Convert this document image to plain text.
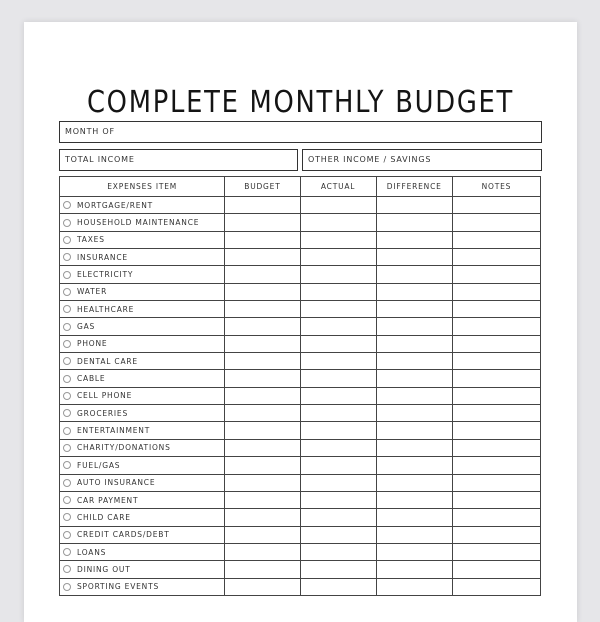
COMPLETE MONTHLY BUDGET
MONTH OF
TOTAL INCOME	OTHER INCOME / SAVINGS
EXPENSES ITEM	BUDGET	ACTUAL	DIFFERENCE	NOTES
MORTGAGE/RENT				
HOUSEHOLD MAINTENANCE				
TAXES				
INSURANCE				
ELECTRICITY				
WATER				
HEALTHCARE				
GAS				
PHONE				
DENTAL CARE				
CABLE				
CELL PHONE				
GROCERIES				
ENTERTAINMENT				
CHARITY/DONATIONS				
FUEL/GAS				
AUTO INSURANCE				
CAR PAYMENT				
CHILD CARE				
CREDIT CARDS/DEBT				
LOANS				
DINING OUT				
SPORTING EVENTS				
